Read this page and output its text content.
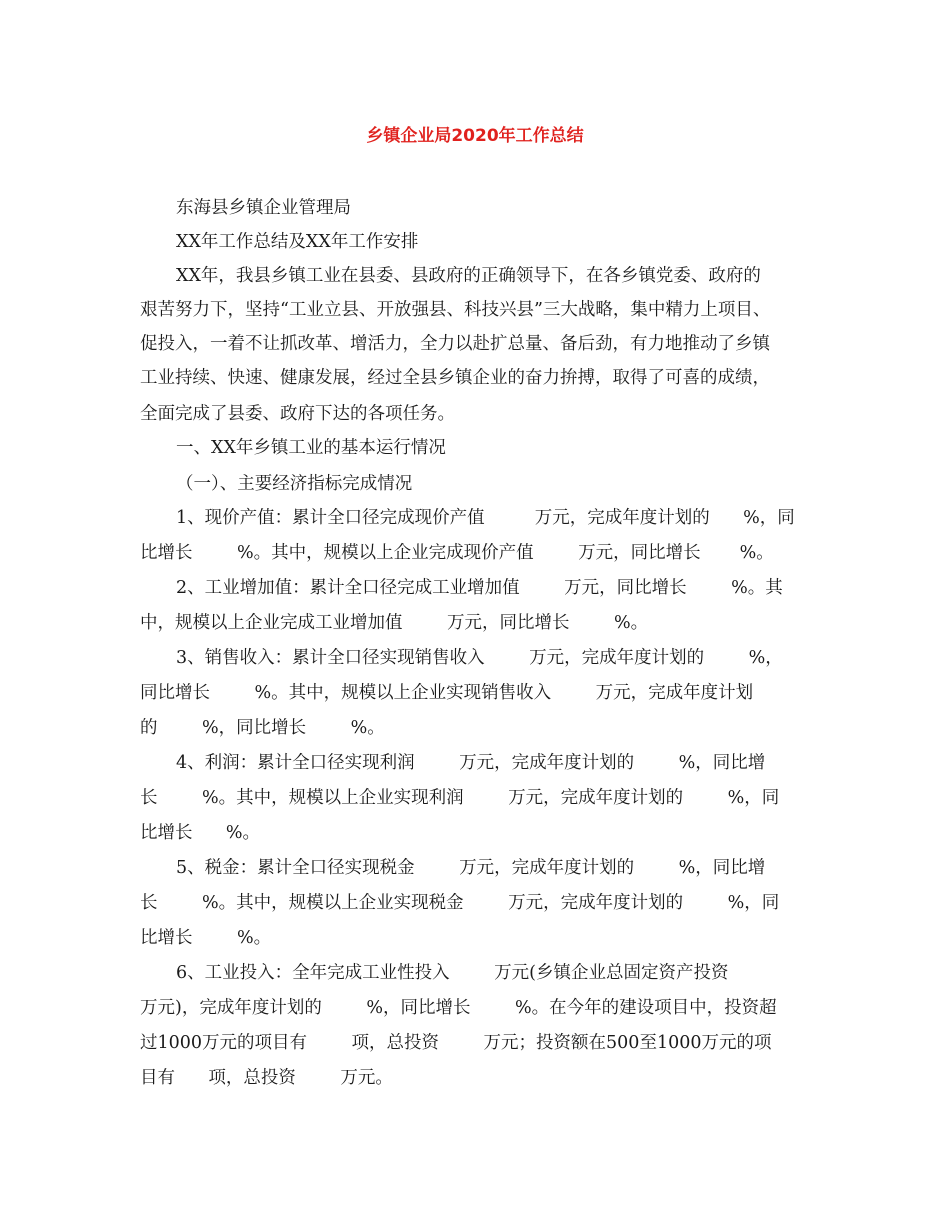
乡镇企业局2020年工作总结
东海县乡镇企业管理局
XX年工作总结及XX年工作安排
XX年，我县乡镇工业在县委、县政府的正确领导下，在各乡镇党委、政府的
艰苦努力下，坚持“工业立县、开放强县、科技兴县”三大战略，集中精力上项目、
促投入，一着不让抓改革、增活力，全力以赴扩总量、备后劲，有力地推动了乡镇
工业持续、快速、健康发展，经过全县乡镇企业的奋力拚搏，取得了可喜的成绩，
全面完成了县委、政府下达的各项任务。
一、XX年乡镇工业的基本运行情况
（一）、主要经济指标完成情况
1、现价产值：累计全口径完成现价产值         万元，完成年度计划的      %，同
比增长        %。其中，规模以上企业完成现价产值        万元，同比增长       %。
2、工业增加值：累计全口径完成工业增加值        万元，同比增长        %。其
中，规模以上企业完成工业增加值        万元，同比增长        %。
3、销售收入：累计全口径实现销售收入        万元，完成年度计划的        %，
同比增长        %。其中，规模以上企业实现销售收入        万元，完成年度计划
的        %，同比增长        %。
4、利润：累计全口径实现利润        万元，完成年度计划的        %，同比增
长        %。其中，规模以上企业实现利润        万元，完成年度计划的        %，同
比增长      %。
5、税金：累计全口径实现税金        万元，完成年度计划的        %，同比增
长        %。其中，规模以上企业实现税金        万元，完成年度计划的        %，同
比增长        %。
6、工业投入：全年完成工业性投入        万元(乡镇企业总固定资产投资
万元)，完成年度计划的        %，同比增长        %。在今年的建设项目中，投资超
过1000万元的项目有        项，总投资        万元；投资额在500至1000万元的项
目有      项，总投资        万元。
